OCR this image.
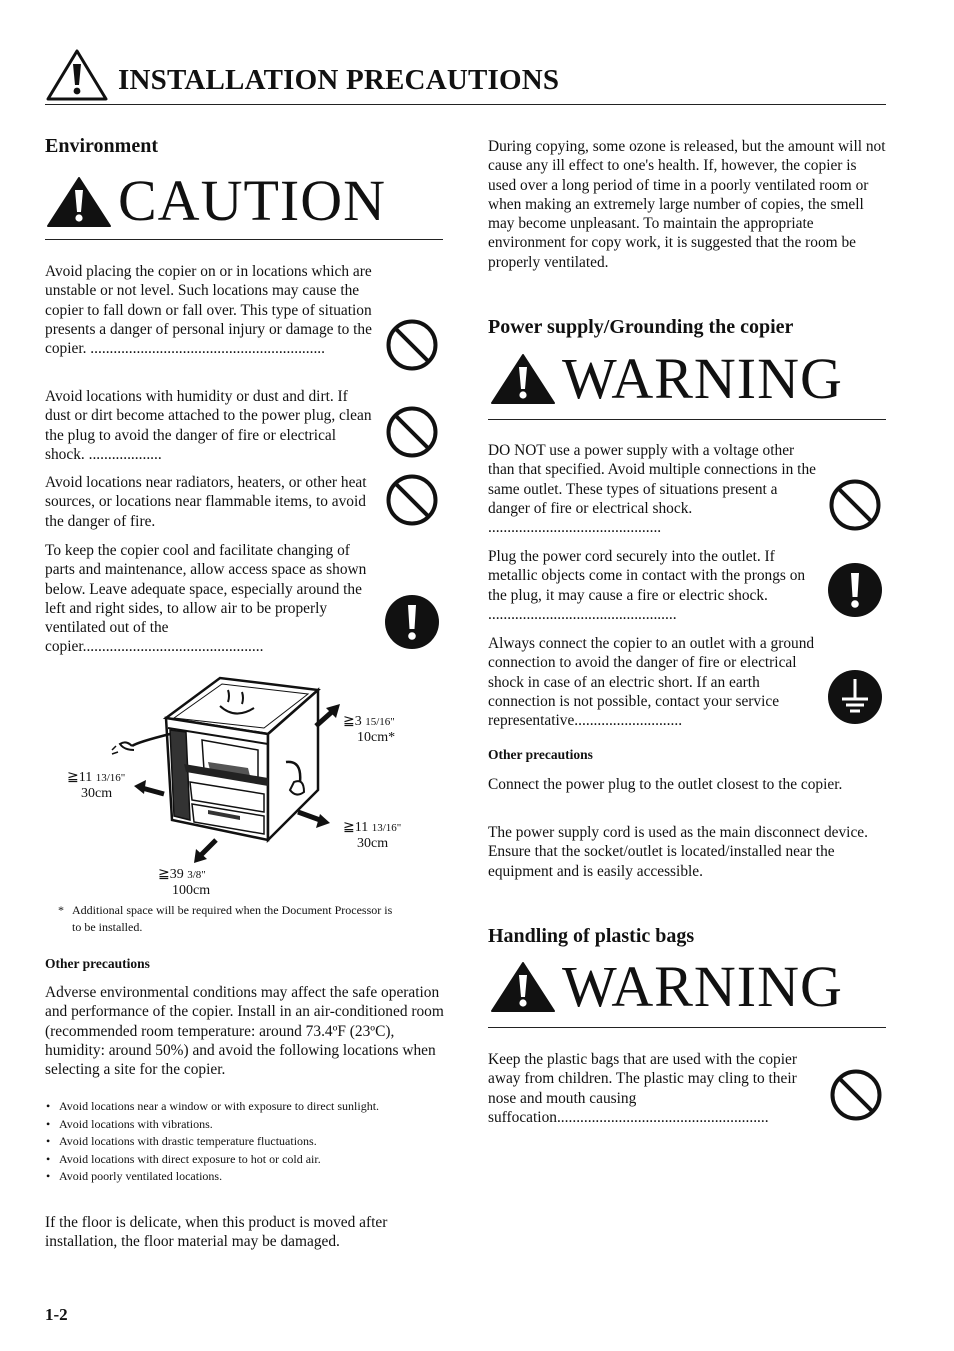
INSTALLATION PRECAUTIONS
Environment
CAUTION
Avoid placing the copier on or in locations which are unstable or not level. Such locations may cause the copier to fall down or fall over. This type of situation presents a danger of personal injury or damage to the copier. .............................................................
Avoid locations with humidity or dust and dirt. If dust or dirt become attached to the power plug, clean the plug to avoid the danger of fire or electrical shock. ...................
Avoid locations near radiators, heaters, or other heat sources, or locations near flammable items, to avoid the danger of fire.
To keep the copier cool and facilitate changing of parts and maintenance, allow access space as shown below. Leave adequate space, especially around the left and right sides, to allow air to be properly ventilated out of the copier...............................................
≧3 15/16"
10cm*
≧11 13/16"
30cm
≧11 13/16"
30cm
≧39 3/8"
100cm
* Additional space will be required when the Document Processor is to be installed.
Other precautions
Adverse environmental conditions may affect the safe operation and performance of the copier. Install in an air-conditioned room (recommended room temperature: around 73.4ºF (23ºC), humidity: around 50%) and avoid the following locations when selecting a site for the copier.
• Avoid locations near a window or with exposure to direct sunlight.
• Avoid locations with vibrations.
• Avoid locations with drastic temperature fluctuations.
• Avoid locations with direct exposure to hot or cold air.
• Avoid poorly ventilated locations.
If the floor is delicate, when this product is moved after installation, the floor material may be damaged.
1-2
During copying, some ozone is released, but the amount will not cause any ill effect to one's health. If, however, the copier is used over a long period of time in a poorly ventilated room or when making an extremely large number of copies, the smell may become unpleasant. To maintain the appropriate environment for copy work, it is suggested that the room be properly ventilated.
Power supply/Grounding the copier
WARNING
DO NOT use a power supply with a voltage other than that specified. Avoid multiple connections in the same outlet. These types of situations present a danger of fire or electrical shock. .............................................
Plug the power cord securely into the outlet. If metallic objects come in contact with the prongs on the plug, it may cause a fire or electric shock. .................................................
Always connect the copier to an outlet with a ground connection to avoid the danger of fire or electrical shock in case of an electric short. If an earth connection is not possible, contact your service representative............................
Other precautions
Connect the power plug to the outlet closest to the copier.
The power supply cord is used as the main disconnect device. Ensure that the socket/outlet is located/installed near the equipment and is easily accessible.
Handling of plastic bags
WARNING
Keep the plastic bags that are used with the copier away from children. The plastic may cling to their nose and mouth causing suffocation.......................................................
